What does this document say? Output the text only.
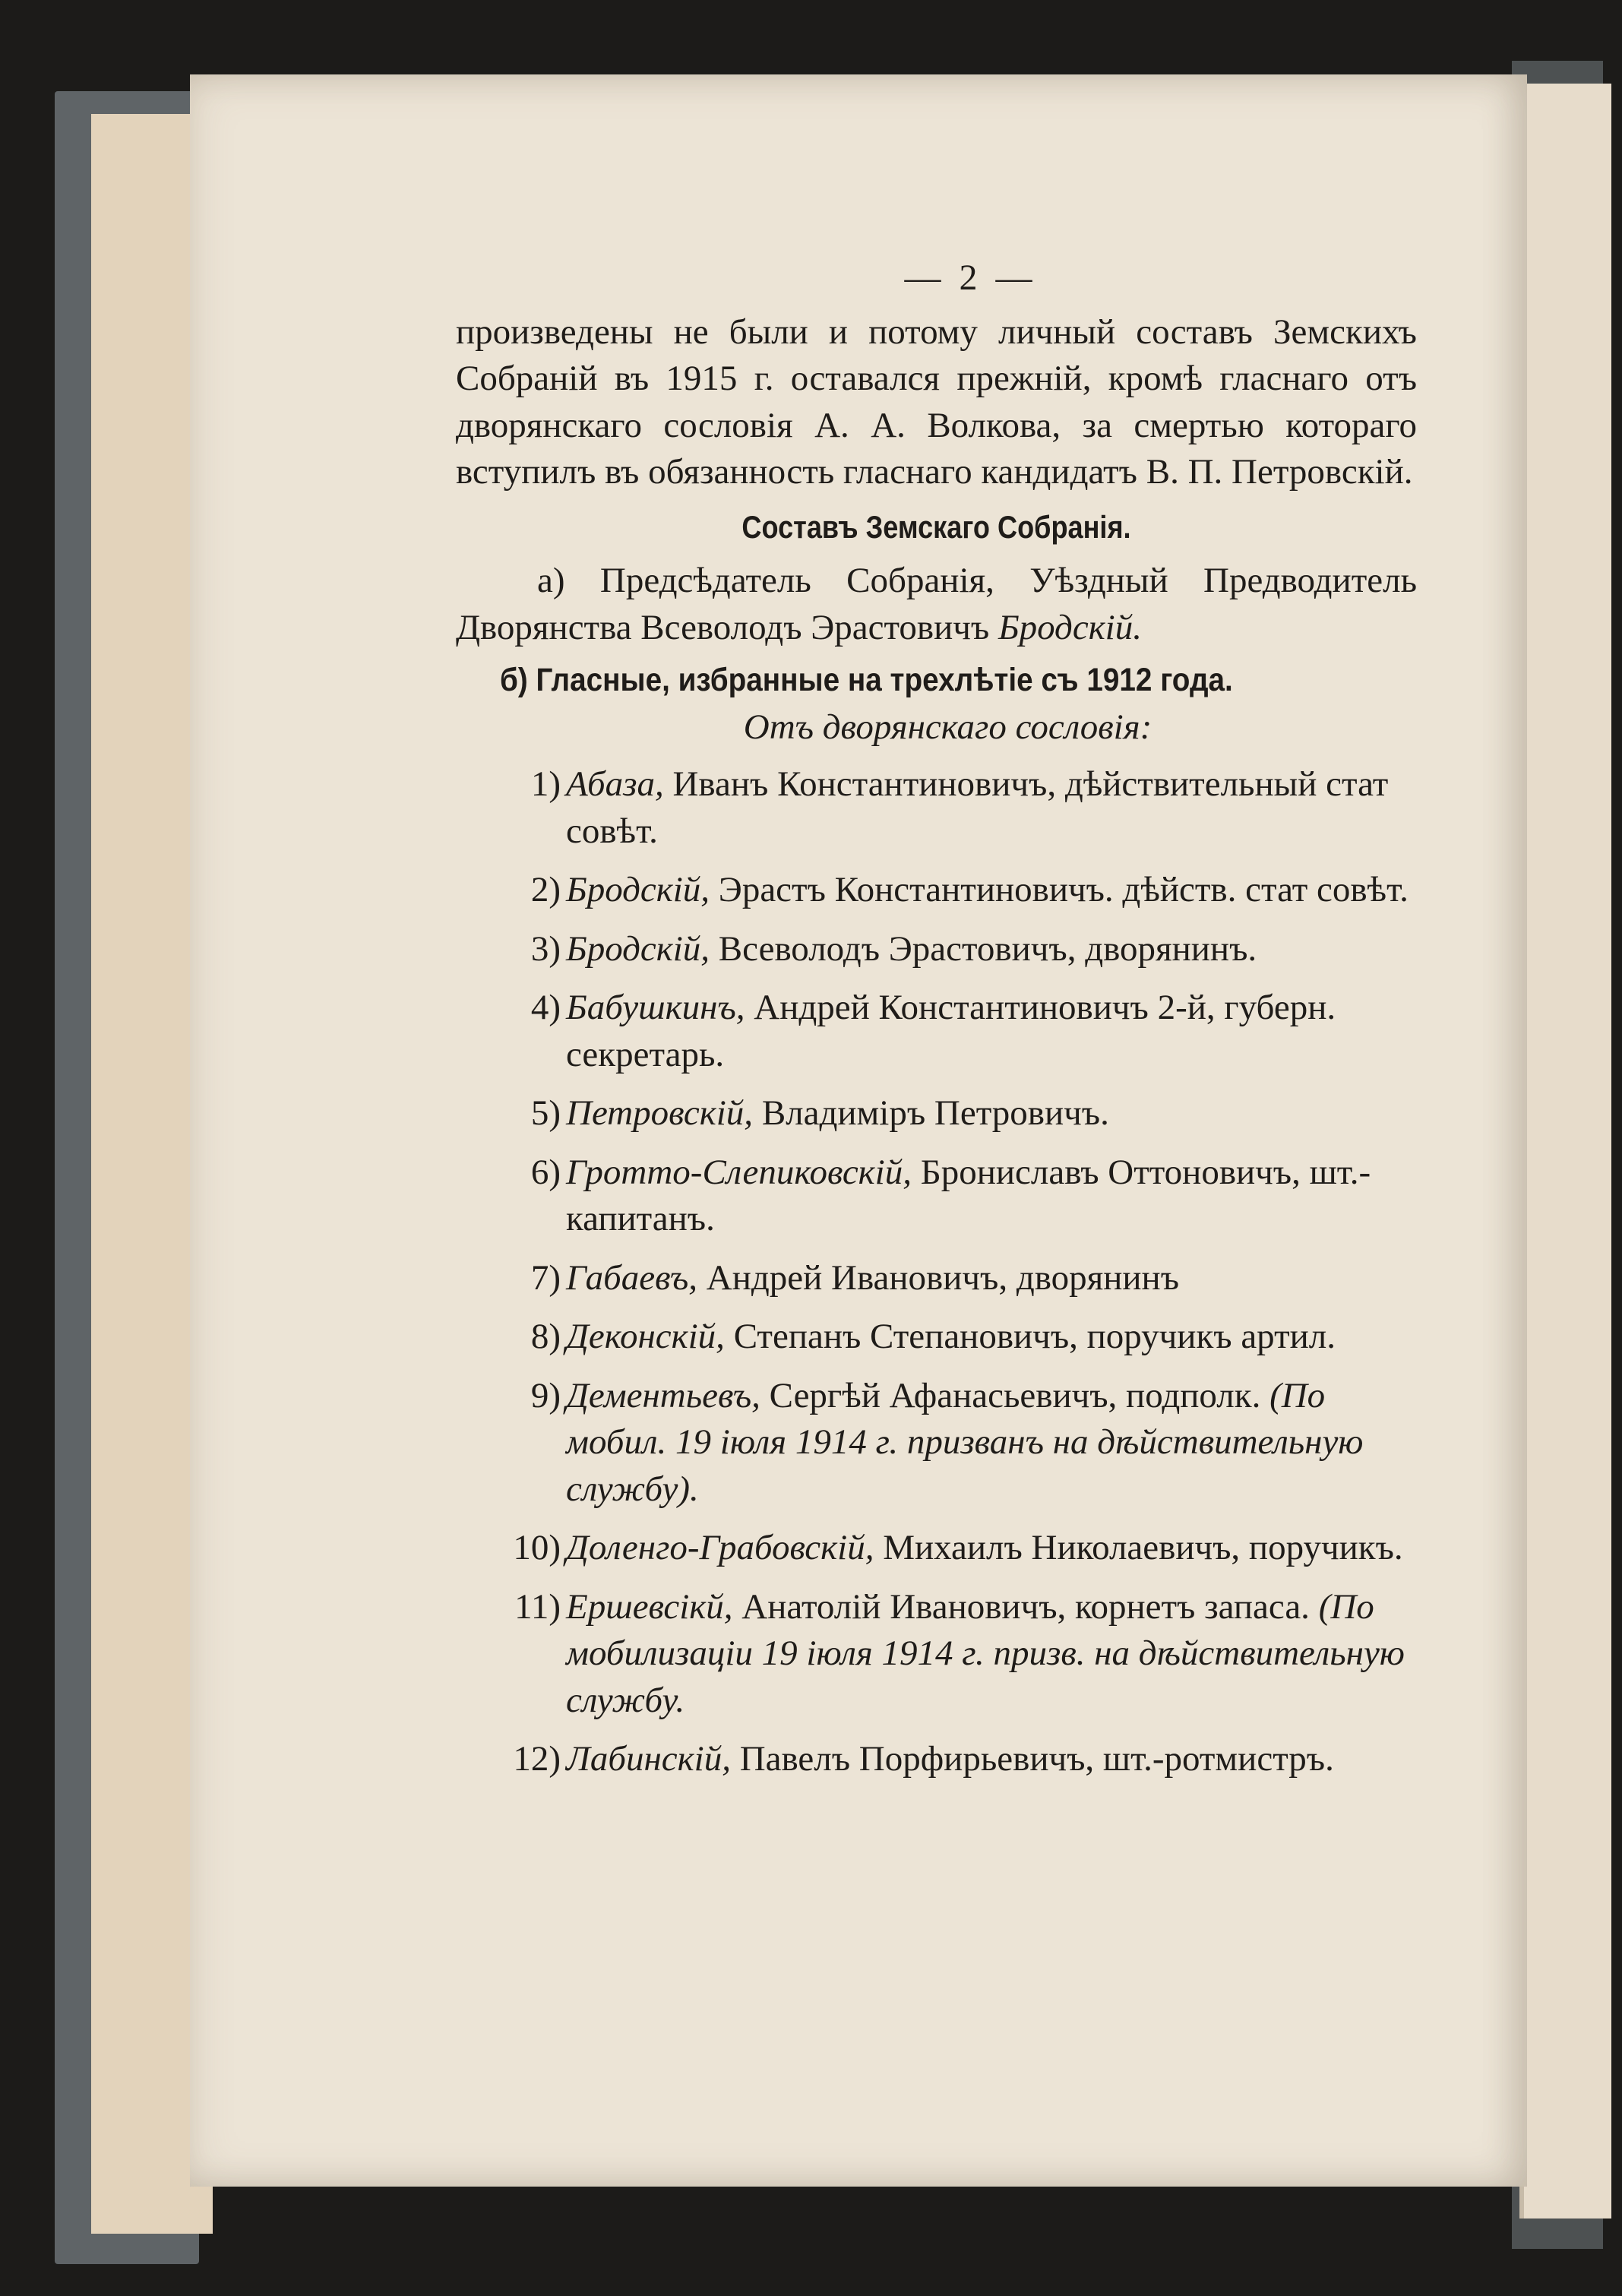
— 2 —

произведены не были и потому личный составъ Земскихъ Собраній въ 1915 г. оставался прежній, кромѣ гласнаго отъ дворянскаго сословія А. А. Волкова, за смертью котораго вступилъ въ обязанность гласнаго кандидатъ В. П. Петровскій.

Составъ Земскаго Собранія.

а) Предсѣдатель Собранія, Уѣздный Предводитель Дворянства Всеволодъ Эрастовичъ Бродскій.

б) Гласные, избранные на трехлѣтіе съ 1912 года.
Отъ дворянскаго сословія:
1) Абаза, Иванъ Константиновичъ, дѣйствительный стат совѣт.
2) Бродскій, Эрастъ Константиновичъ. дѣйств. стат совѣт.
3) Бродскій, Всеволодъ Эрастовичъ, дворянинъ.
4) Бабушкинъ, Андрей Константиновичъ 2-й, губерн. секретарь.
5) Петровскій, Владиміръ Петровичъ.
6) Гротто-Слепиковскій, Брониславъ Оттоновичъ, шт.-капитанъ.
7) Габаевъ, Андрей Ивановичъ, дворянинъ
8) Деконскій, Степанъ Степановичъ, поручикъ артил.
9) Дементьевъ, Сергѣй Афанасьевичъ, подполк. (По мобил. 19 іюля 1914 г. призванъ на дѣйствительную службу).
10) Доленго-Грабовскій, Михаилъ Николаевичъ, поручикъ.
11) Ершевсiкй, Анатолій Ивановичъ, корнетъ запаса. (По мобилизаціи 19 іюля 1914 г. призв. на дѣйствительную службу.
12) Лабинскій, Павелъ Порфирьевичъ, шт.-ротмистръ.
